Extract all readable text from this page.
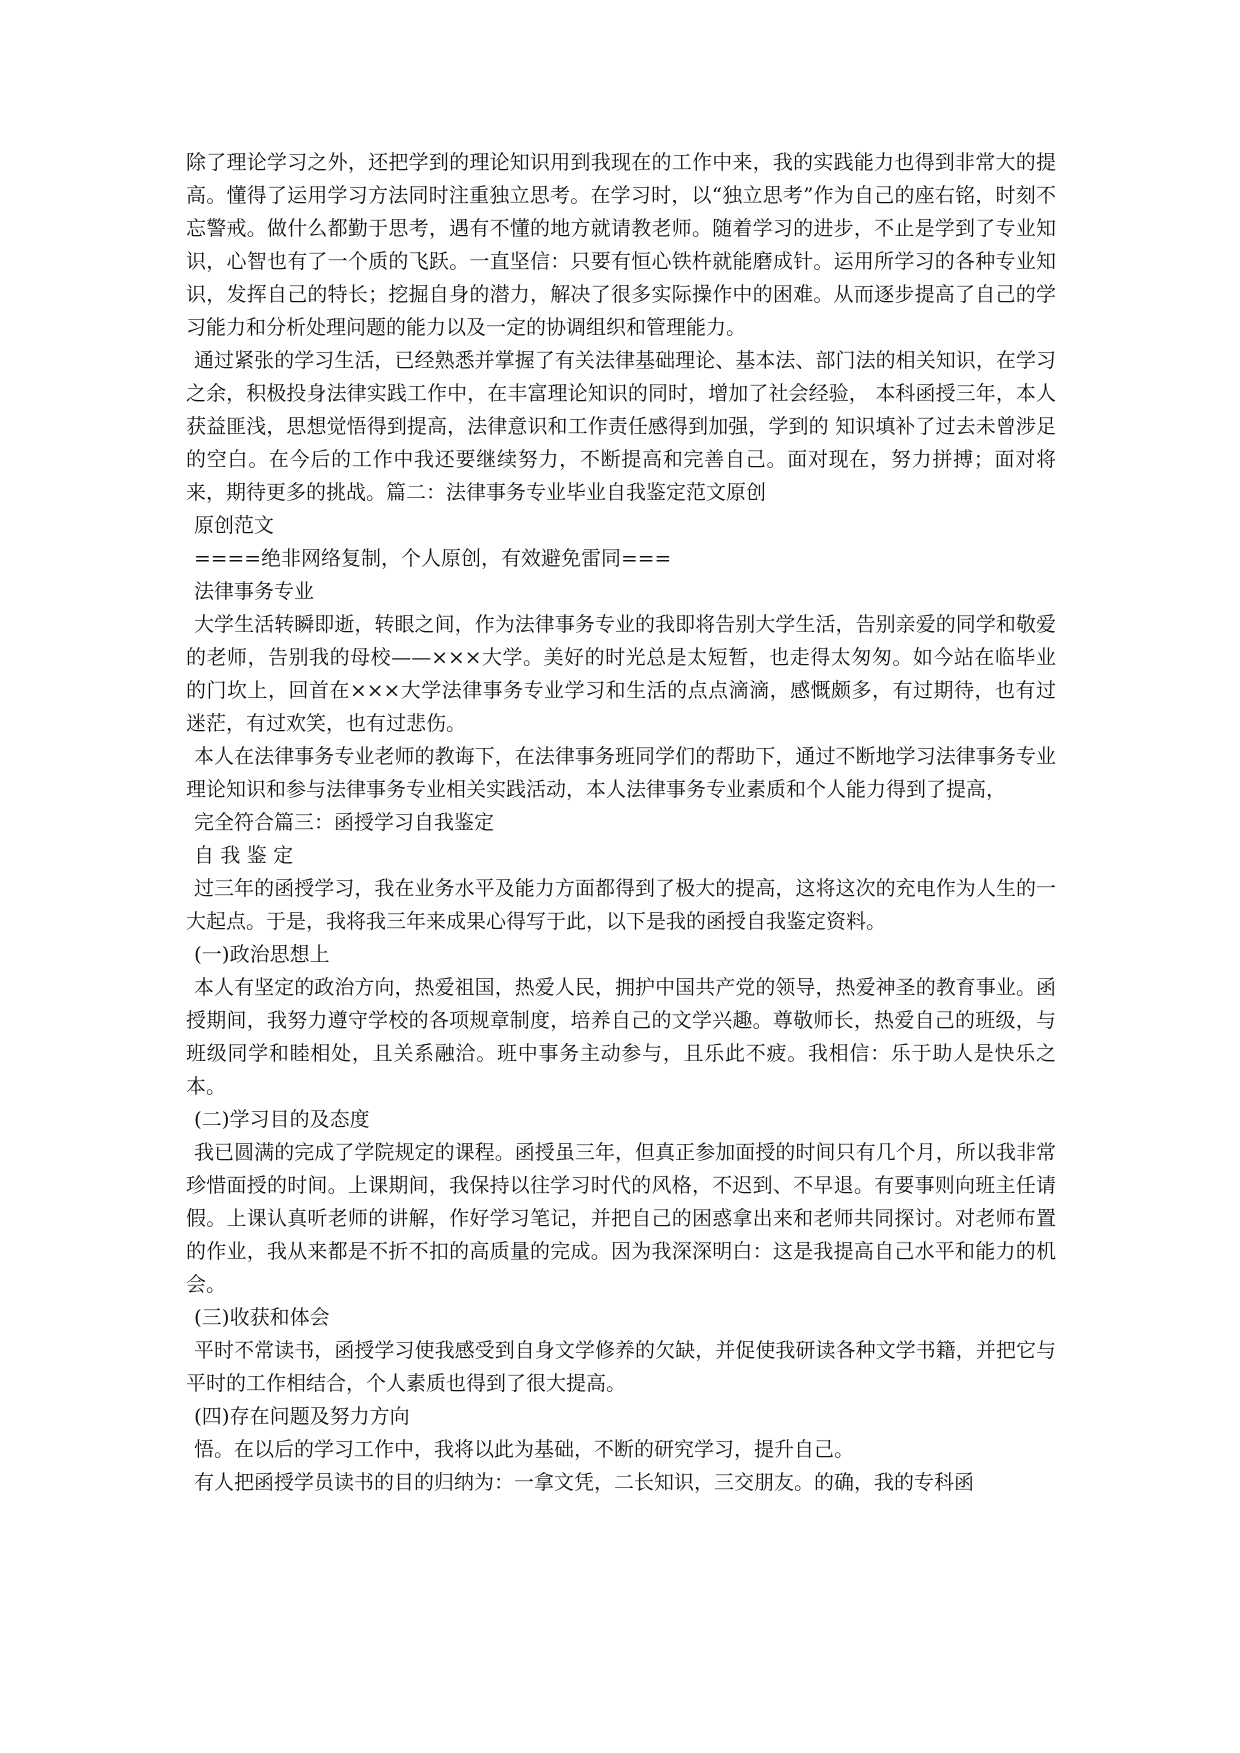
除了理论学习之外，还把学到的理论知识用到我现在的工作中来，我的实践能力也得到非常大的提高。懂得了运用学习方法同时注重独立思考。在学习时，以“独立思考”作为自己的座右铭，时刻不忘警戒。做什么都勤于思考，遇有不懂的地方就请教老师。随着学习的进步，不止是学到了专业知识，心智也有了一个质的飞跃。一直坚信：只要有恒心铁杵就能磨成针。运用所学习的各种专业知识，发挥自己的特长；挖掘自身的潜力，解决了很多实际操作中的困难。从而逐步提高了自己的学习能力和分析处理问题的能力以及一定的协调组织和管理能力。

通过紧张的学习生活，已经熟悉并掌握了有关法律基础理论、基本法、部门法的相关知识，在学习之余，积极投身法律实践工作中，在丰富理论知识的同时，增加了社会经验， 本科函授三年，本人获益匪浅，思想觉悟得到提高，法律意识和工作责任感得到加强，学到的 知识填补了过去未曾涉足的空白。在今后的工作中我还要继续努力，不断提高和完善自己。面对现在，努力拼搏；面对将来，期待更多的挑战。篇二：法律事务专业毕业自我鉴定范文原创

原创范文

====绝非网络复制，个人原创，有效避免雷同===

法律事务专业

大学生活转瞬即逝，转眼之间，作为法律事务专业的我即将告别大学生活，告别亲爱的同学和敬爱的老师，告别我的母校——×××大学。美好的时光总是太短暂，也走得太匆匆。如今站在临毕业的门坎上，回首在×××大学法律事务专业学习和生活的点点滴滴，感慨颇多，有过期待，也有过迷茫，有过欢笑，也有过悲伤。

本人在法律事务专业老师的教诲下，在法律事务班同学们的帮助下，通过不断地学习法律事务专业理论知识和参与法律事务专业相关实践活动，本人法律事务专业素质和个人能力得到了提高，

完全符合篇三：函授学习自我鉴定

自 我 鉴 定

过三年的函授学习，我在业务水平及能力方面都得到了极大的提高，这将这次的充电作为人生的一大起点。于是，我将我三年来成果心得写于此，以下是我的函授自我鉴定资料。

(一)政治思想上

本人有坚定的政治方向，热爱祖国，热爱人民，拥护中国共产党的领导，热爱神圣的教育事业。函授期间，我努力遵守学校的各项规章制度，培养自己的文学兴趣。尊敬师长，热爱自己的班级，与班级同学和睦相处，且关系融洽。班中事务主动参与，且乐此不疲。我相信：乐于助人是快乐之本。

(二)学习目的及态度

我已圆满的完成了学院规定的课程。函授虽三年，但真正参加面授的时间只有几个月，所以我非常珍惜面授的时间。上课期间，我保持以往学习时代的风格，不迟到、不早退。有要事则向班主任请假。上课认真听老师的讲解，作好学习笔记，并把自己的困惑拿出来和老师共同探讨。对老师布置的作业，我从来都是不折不扣的高质量的完成。因为我深深明白：这是我提高自己水平和能力的机会。

(三)收获和体会

平时不常读书，函授学习使我感受到自身文学修养的欠缺，并促使我研读各种文学书籍，并把它与平时的工作相结合，个人素质也得到了很大提高。

(四)存在问题及努力方向

悟。在以后的学习工作中，我将以此为基础，不断的研究学习，提升自己。

有人把函授学员读书的目的归纳为：一拿文凭，二长知识，三交朋友。的确，我的专科函
